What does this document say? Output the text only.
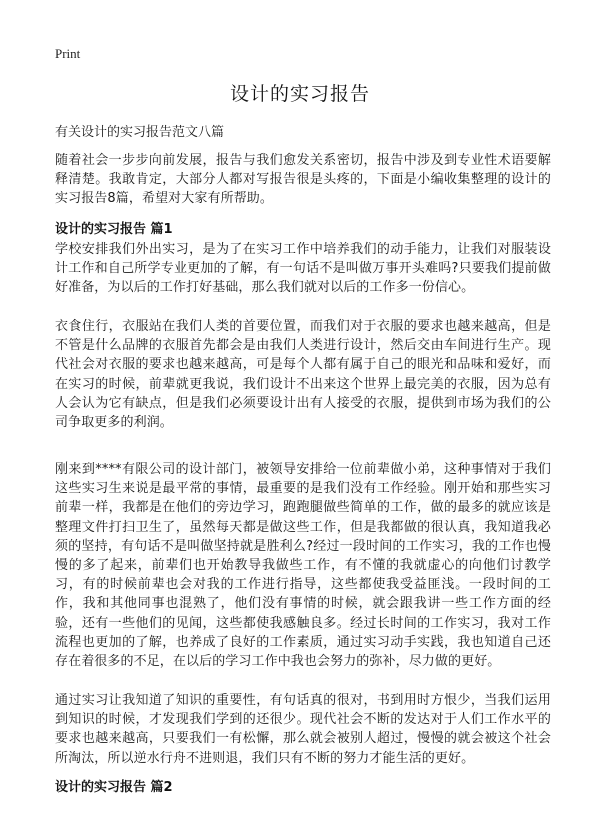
Print
设计的实习报告
有关设计的实习报告范文八篇

随着社会一步步向前发展，报告与我们愈发关系密切，报告中涉及到专业性术语要解释清楚。我敢肯定，大部分人都对写报告很是头疼的，下面是小编收集整理的设计的实习报告8篇，希望对大家有所帮助。

设计的实习报告 篇1

学校安排我们外出实习，是为了在实习工作中培养我们的动手能力，让我们对服装设计工作和自己所学专业更加的了解，有一句话不是叫做万事开头难吗?只要我们提前做好准备，为以后的工作打好基础，那么我们就对以后的工作多一份信心。

衣食住行，衣服站在我们人类的首要位置，而我们对于衣服的要求也越来越高，但是不管是什么品牌的衣服首先都会是由我们人类进行设计，然后交由车间进行生产。现代社会对衣服的要求也越来越高，可是每个人都有属于自己的眼光和品味和爱好，而在实习的时候，前辈就更我说，我们设计不出来这个世界上最完美的衣服，因为总有人会认为它有缺点，但是我们必须要设计出有人接受的衣服，提供到市场为我们的公司争取更多的利润。

刚来到****有限公司的设计部门，被领导安排给一位前辈做小弟，这种事情对于我们这些实习生来说是最平常的事情，最重要的是我们没有工作经验。刚开始和那些实习前辈一样，我都是在他们的旁边学习，跑跑腿做些简单的工作，做的最多的就应该是整理文件打扫卫生了，虽然每天都是做这些工作，但是我都做的很认真，我知道我必须的坚持，有句话不是叫做坚持就是胜利么?经过一段时间的工作实习，我的工作也慢慢的多了起来，前辈们也开始教导我做些工作，有不懂的我就虚心的向他们讨教学习，有的时候前辈也会对我的工作进行指导，这些都使我受益匪浅。一段时间的工作，我和其他同事也混熟了，他们没有事情的时候，就会跟我讲一些工作方面的经验，还有一些他们的见闻，这些都使我感触良多。经过长时间的工作实习，我对工作流程也更加的了解，也养成了良好的工作素质，通过实习动手实践，我也知道自己还存在着很多的不足，在以后的学习工作中我也会努力的弥补，尽力做的更好。

通过实习让我知道了知识的重要性，有句话真的很对，书到用时方恨少，当我们运用到知识的时候，才发现我们学到的还很少。现代社会不断的发达对于人们工作水平的要求也越来越高，只要我们一有松懈，那么就会被别人超过，慢慢的就会被这个社会所淘汰，所以逆水行舟不进则退，我们只有不断的努力才能生活的更好。

设计的实习报告 篇2
